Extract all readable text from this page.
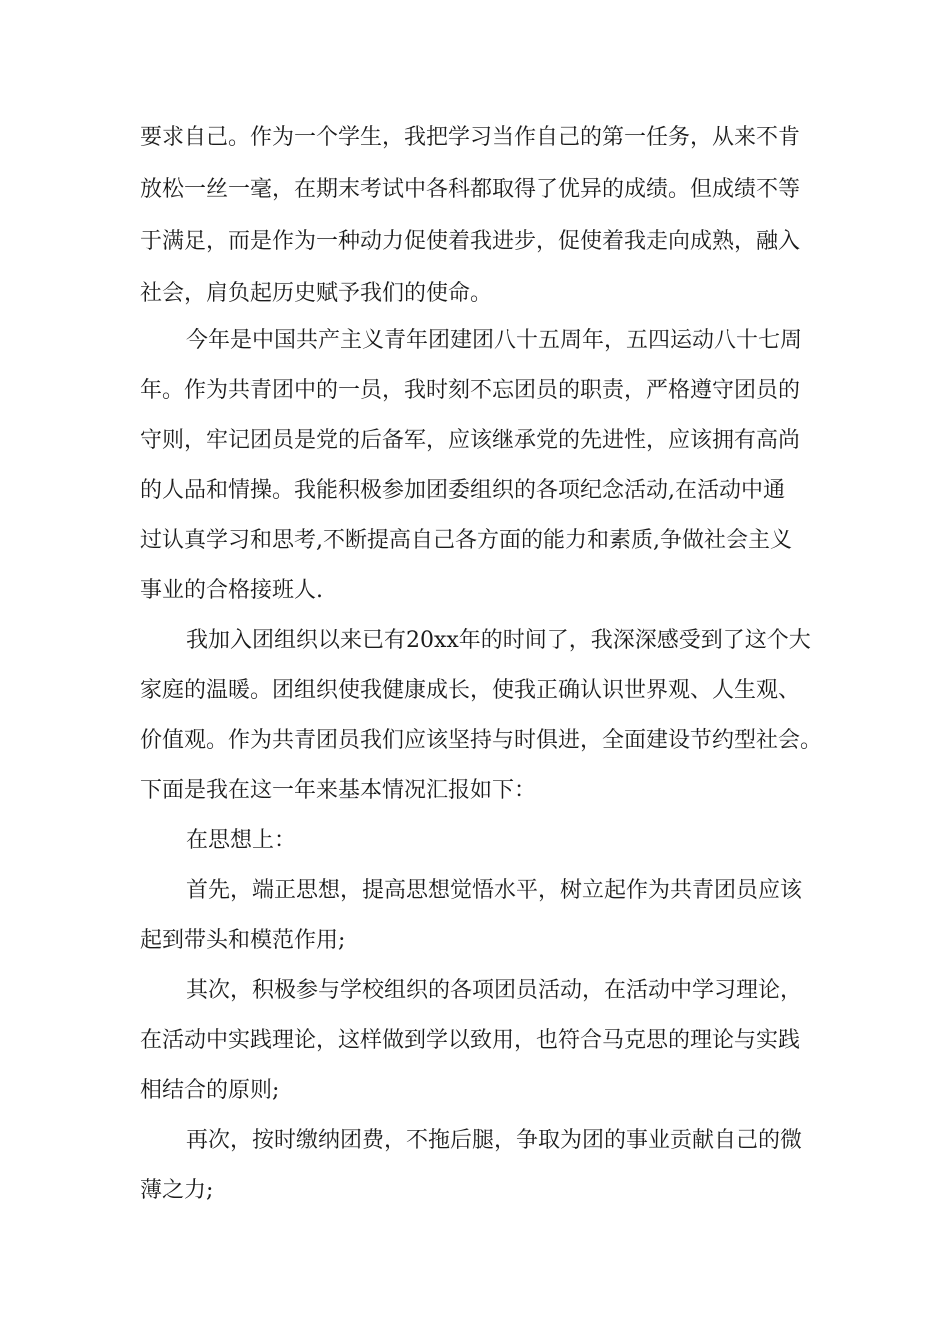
要求自己。作为一个学生，我把学习当作自己的第一任务，从来不肯

放松一丝一毫，在期末考试中各科都取得了优异的成绩。但成绩不等

于满足，而是作为一种动力促使着我进步，促使着我走向成熟，融入

社会，肩负起历史赋予我们的使命。

今年是中国共产主义青年团建团八十五周年，五四运动八十七周

年。作为共青团中的一员，我时刻不忘团员的职责，严格遵守团员的

守则，牢记团员是党的后备军，应该继承党的先进性，应该拥有高尚

的人品和情操。我能积极参加团委组织的各项纪念活动,在活动中通

过认真学习和思考,不断提高自己各方面的能力和素质,争做社会主义

事业的合格接班人.

我加入团组织以来已有20xx年的时间了，我深深感受到了这个大

家庭的温暖。团组织使我健康成长，使我正确认识世界观、人生观、

价值观。作为共青团员我们应该坚持与时俱进，全面建设节约型社会。

下面是我在这一年来基本情况汇报如下：

在思想上：

首先，端正思想，提高思想觉悟水平，树立起作为共青团员应该

起到带头和模范作用;

其次，积极参与学校组织的各项团员活动，在活动中学习理论，

在活动中实践理论，这样做到学以致用，也符合马克思的理论与实践

相结合的原则;

再次，按时缴纳团费，不拖后腿，争取为团的事业贡献自己的微

薄之力;
